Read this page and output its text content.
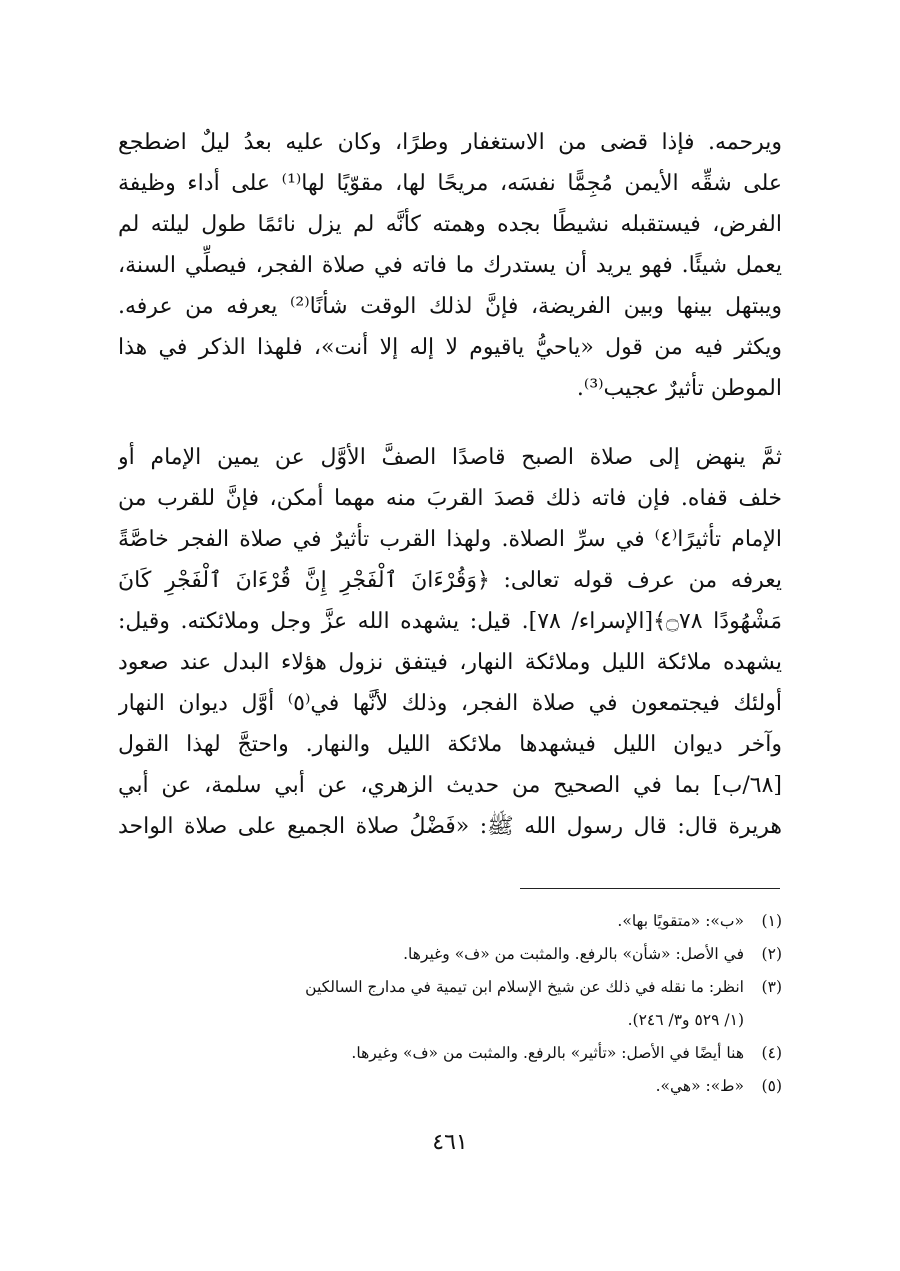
ويرحمه. فإذا قضى من الاستغفار وطرًا، وكان عليه بعدُ ليلٌ اضطجع
على شقِّه الأيمن مُجِمًّا نفسَه، مريحًا لها، مقوّيًا لها⁽¹⁾ على أداء وظيفة
الفرض، فيستقبله نشيطًا بجده وهمته كأنَّه لم يزل نائمًا طول ليلته لم
يعمل شيئًا. فهو يريد أن يستدرك ما فاته في صلاة الفجر، فيصلِّي السنة،
ويبتهل بينها وبين الفريضة، فإنَّ لذلك الوقت شأنًا⁽²⁾ يعرفه من عرفه.
ويكثر فيه من قول «ياحيُّ ياقيوم لا إله إلا أنت»، فلهذا الذكر في هذا
الموطن تأثيرٌ عجيب⁽³⁾.
ثمَّ ينهض إلى صلاة الصبح قاصدًا الصفَّ الأوَّل عن يمين الإمام أو
خلف قفاه. فإن فاته ذلك قصدَ القربَ منه مهما أمكن، فإنَّ للقرب من
الإمام تأثيرًا⁽٤⁾ في سرِّ الصلاة. ولهذا القرب تأثيرٌ في صلاة الفجر خاصَّةً
يعرفه من عرف قوله تعالى: ﴿وَقُرْءَانَ ٱلْفَجْرِ إِنَّ قُرْءَانَ ٱلْفَجْرِ كَانَ
مَشْهُودًا ۝٧٨﴾[الإسراء/ ٧٨]. قيل: يشهده الله عزَّ وجل وملائكته. وقيل:
يشهده ملائكة الليل وملائكة النهار، فيتفق نزول هؤلاء البدل عند صعود
أولئك فيجتمعون في صلاة الفجر، وذلك لأنَّها في⁽٥⁾ أوَّل ديوان النهار
وآخر ديوان الليل فيشهدها ملائكة الليل والنهار. واحتجَّ لهذا القول
[٦٨/ب] بما في الصحيح من حديث الزهري، عن أبي سلمة، عن أبي
هريرة قال: قال رسول الله ﷺ: «فَضْلُ صلاة الجميع على صلاة الواحد
(١)
«ب»: «متقويًا بها».
(٢)
في الأصل: «شأن» بالرفع. والمثبت من «ف» وغيرها.
(٣)
انظر: ما نقله في ذلك عن شيخ الإسلام ابن تيمية في مدارج السالكين
(١/ ٥٢٩ و٣/ ٢٤٦).
(٤)
هنا أيضًا في الأصل: «تأثير» بالرفع. والمثبت من «ف» وغيرها.
(٥)
«ط»: «هي».
٤٦١
